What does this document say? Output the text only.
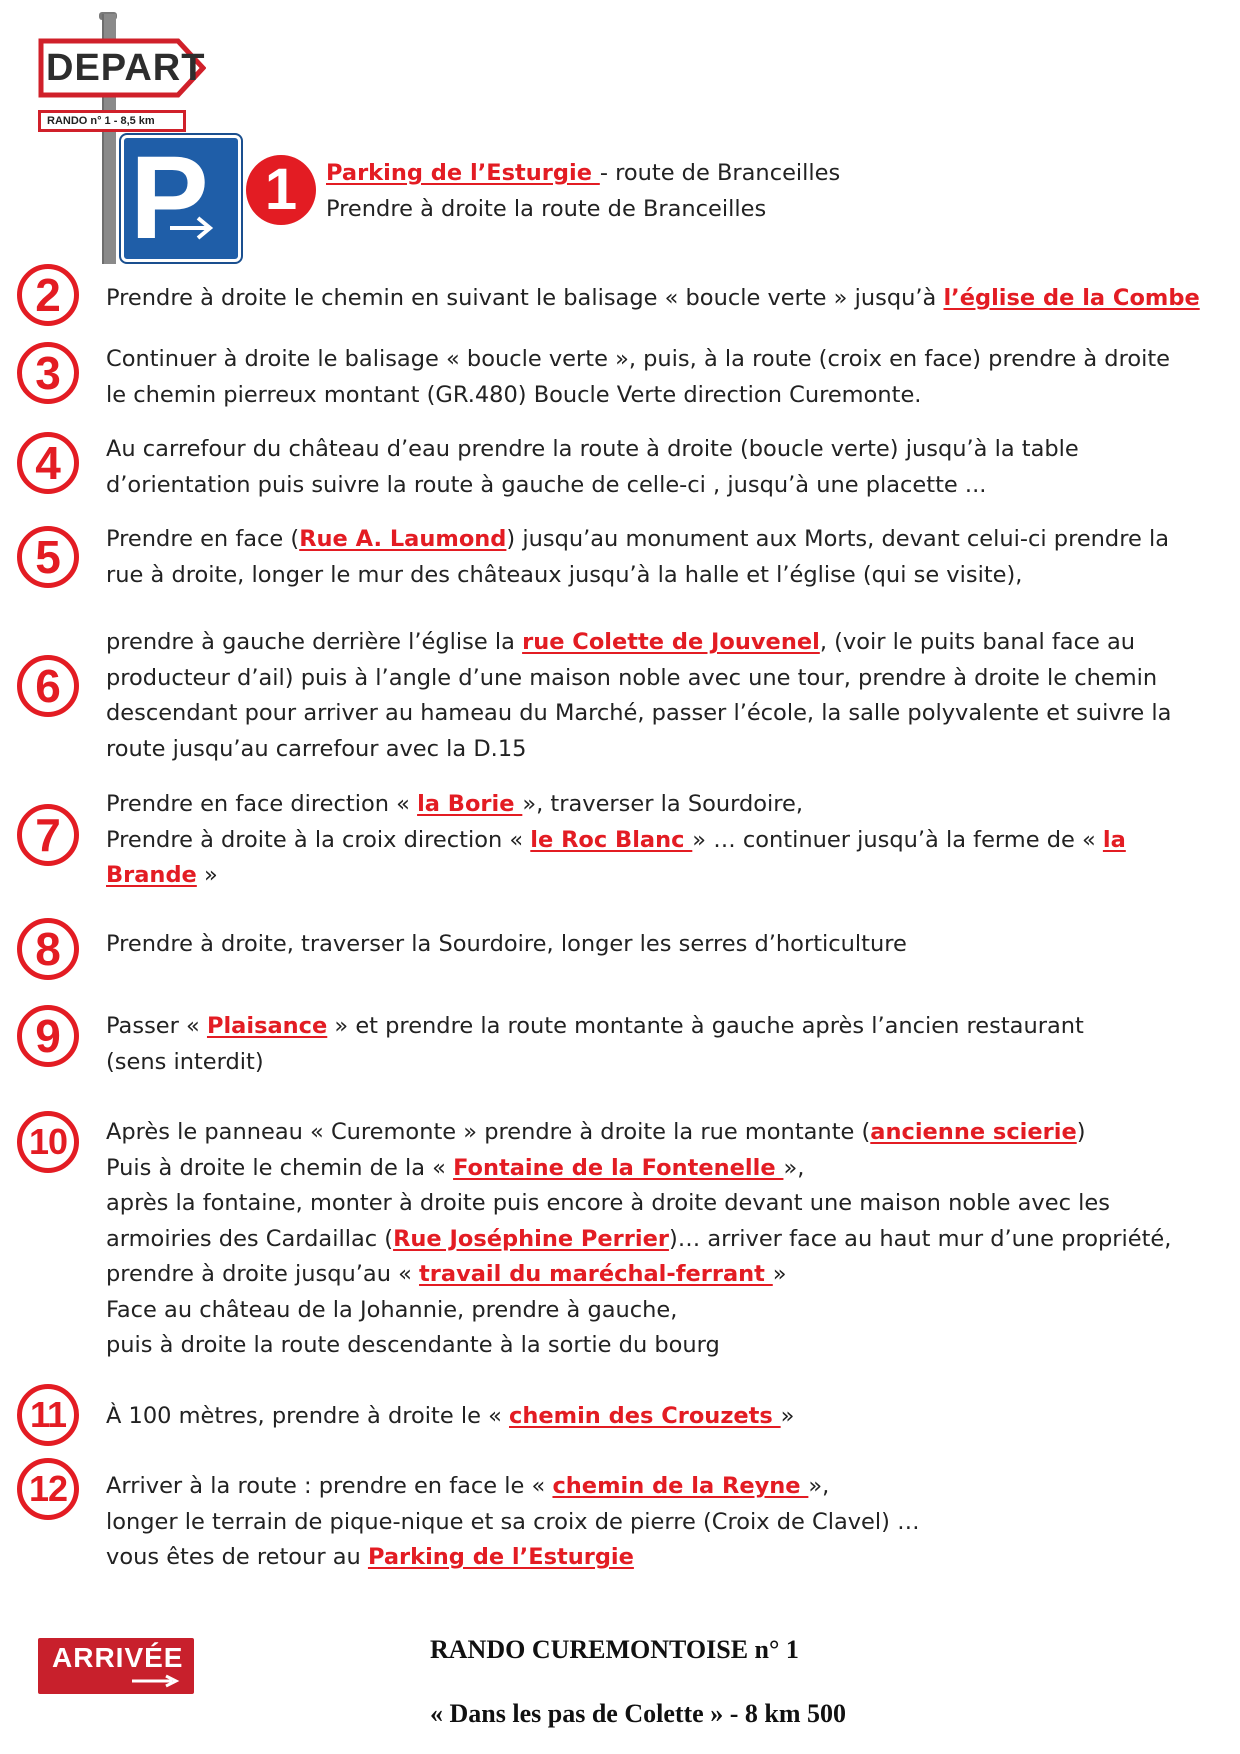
DEPART
RANDO n° 1 - 8,5 km
P 1	Parking de l’Esturgie - route de Branceilles
Prendre à droite la route de Branceilles
2	Prendre à droite le chemin en suivant le balisage « boucle verte » jusqu’à l’église de la Combe
3	Continuer à droite le balisage « boucle verte », puis, à la route (croix en face) prendre à droite
le chemin pierreux montant (GR.480) Boucle Verte direction Curemonte.
4	Au carrefour du château d’eau prendre la route à droite (boucle verte) jusqu’à la table
d’orientation puis suivre la route à gauche de celle-ci , jusqu’à une placette ...
5	Prendre en face (Rue A. Laumond) jusqu’au monument aux Morts, devant celui-ci prendre la
rue à droite, longer le mur des châteaux jusqu’à la halle et l’église (qui se visite),
6
prendre à gauche derrière l’église la rue Colette de Jouvenel, (voir le puits banal face au
producteur d’ail) puis à l’angle d’une maison noble avec une tour, prendre à droite le chemin
descendant pour arriver au hameau du Marché, passer l’école, la salle polyvalente et suivre la
route jusqu’au carrefour avec la D.15
7
Prendre en face direction « la Borie », traverser la Sourdoire,
Prendre à droite à la croix direction « le Roc Blanc » … continuer jusqu’à la ferme de « la
Brande »
8	Prendre à droite, traverser la Sourdoire, longer les serres d’horticulture
9	Passer « Plaisance » et prendre la route montante à gauche après l’ancien restaurant
(sens interdit)
10	Après le panneau « Curemonte » prendre à droite la rue montante (ancienne scierie)
Puis à droite le chemin de la « Fontaine de la Fontenelle »,
après la fontaine, monter à droite puis encore à droite devant une maison noble avec les
armoiries des Cardaillac (Rue Joséphine Perrier)… arriver face au haut mur d’une propriété,
prendre à droite jusqu’au « travail du maréchal-ferrant »
Face au château de la Johannie, prendre à gauche,
puis à droite la route descendante à la sortie du bourg
11	À 100 mètres, prendre à droite le « chemin des Crouzets »
12	Arriver à la route : prendre en face le « chemin de la Reyne »,
longer le terrain de pique-nique et sa croix de pierre (Croix de Clavel) …
vous êtes de retour au Parking de l’Esturgie
ARRIVÉE	RANDO CUREMONTOISE n° 1
« Dans les pas de Colette » - 8 km 500
